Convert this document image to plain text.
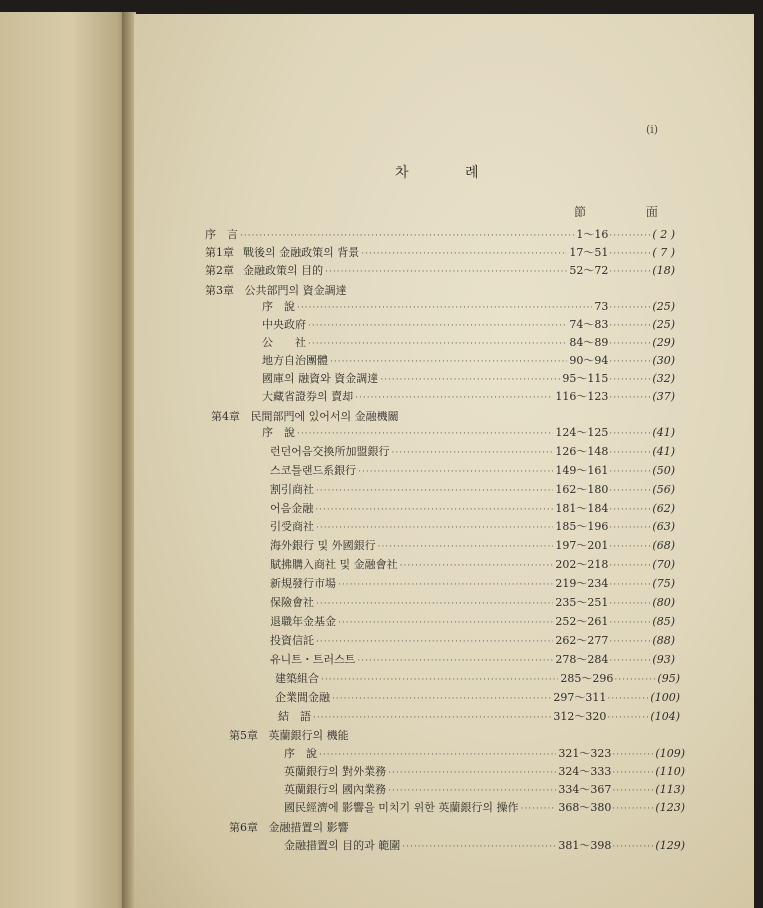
(i)
차 례
節 面
序　言 ·····	1～16 ·····	( 2 )
第1章 戰後의 金融政策의 背景 ·····	17～51 ·····	( 7 )
第2章 金融政策의 目的 ·····	52～72 ·····	(18)
第3章 公共部門의 資金調達
序　說 ·····	73 ·····	(25)
中央政府 ·····	74～83 ·····	(25)
公　　社 ·····	84～89 ·····	(29)
地方自治團體 ·····	90～94 ·····	(30)
國庫의 融資와 資金調達 ·····	95～115 ·····	(32)
大藏省證券의 賣却 ·····	116～123 ·····	(37)
第4章 民間部門에 있어서의 金融機關
序　說 ·····	124～125 ·····	(41)
런던어음交換所加盟銀行 ·····	126～148 ·····	(41)
스코틀랜드系銀行 ·····	149～161 ·····	(50)
割引商社 ·····	162～180 ·····	(56)
어음金融 ·····	181～184 ·····	(62)
引受商社 ·····	185～196 ·····	(63)
海外銀行 및 外國銀行 ·····	197～201 ·····	(68)
賦拂購入商社 및 金融會社 ·····	202～218 ·····	(70)
新規發行市場 ·····	219～234 ·····	(75)
保險會社 ·····	235～251 ·····	(80)
退職年金基金 ·····	252～261 ·····	(85)
投資信託 ·····	262～277 ·····	(88)
유니트・트러스트 ·····	278～284 ·····	(93)
建築組合 ·····	285～296 ·····	(95)
企業間金融 ·····	297～311 ·····	(100)
結　語 ·····	312～320 ·····	(104)
第5章 英蘭銀行의 機能
序　說 ·····	321～323 ·····	(109)
英蘭銀行의 對外業務 ·····	324～333 ·····	(110)
英蘭銀行의 國內業務 ·····	334～367 ·····	(113)
國民經濟에 影響을 미치기 위한 英蘭銀行의 操作 ·····	368～380 ·····	(123)
第6章 金融措置의 影響
金融措置의 目的과 範圍 ·····	381～398 ·····	(129)
